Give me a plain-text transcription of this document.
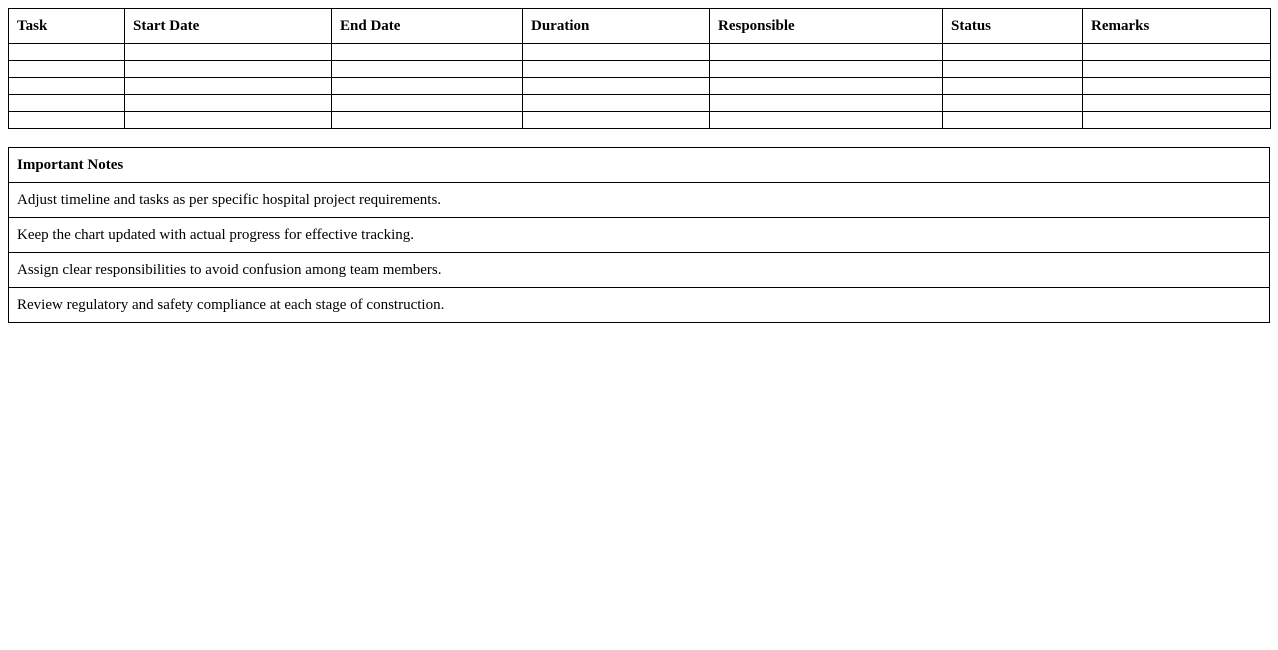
Task	Start Date	End Date	Duration	Responsible	Status	Remarks

Important Notes
Adjust timeline and tasks as per specific hospital project requirements.
Keep the chart updated with actual progress for effective tracking.
Assign clear responsibilities to avoid confusion among team members.
Review regulatory and safety compliance at each stage of construction.
